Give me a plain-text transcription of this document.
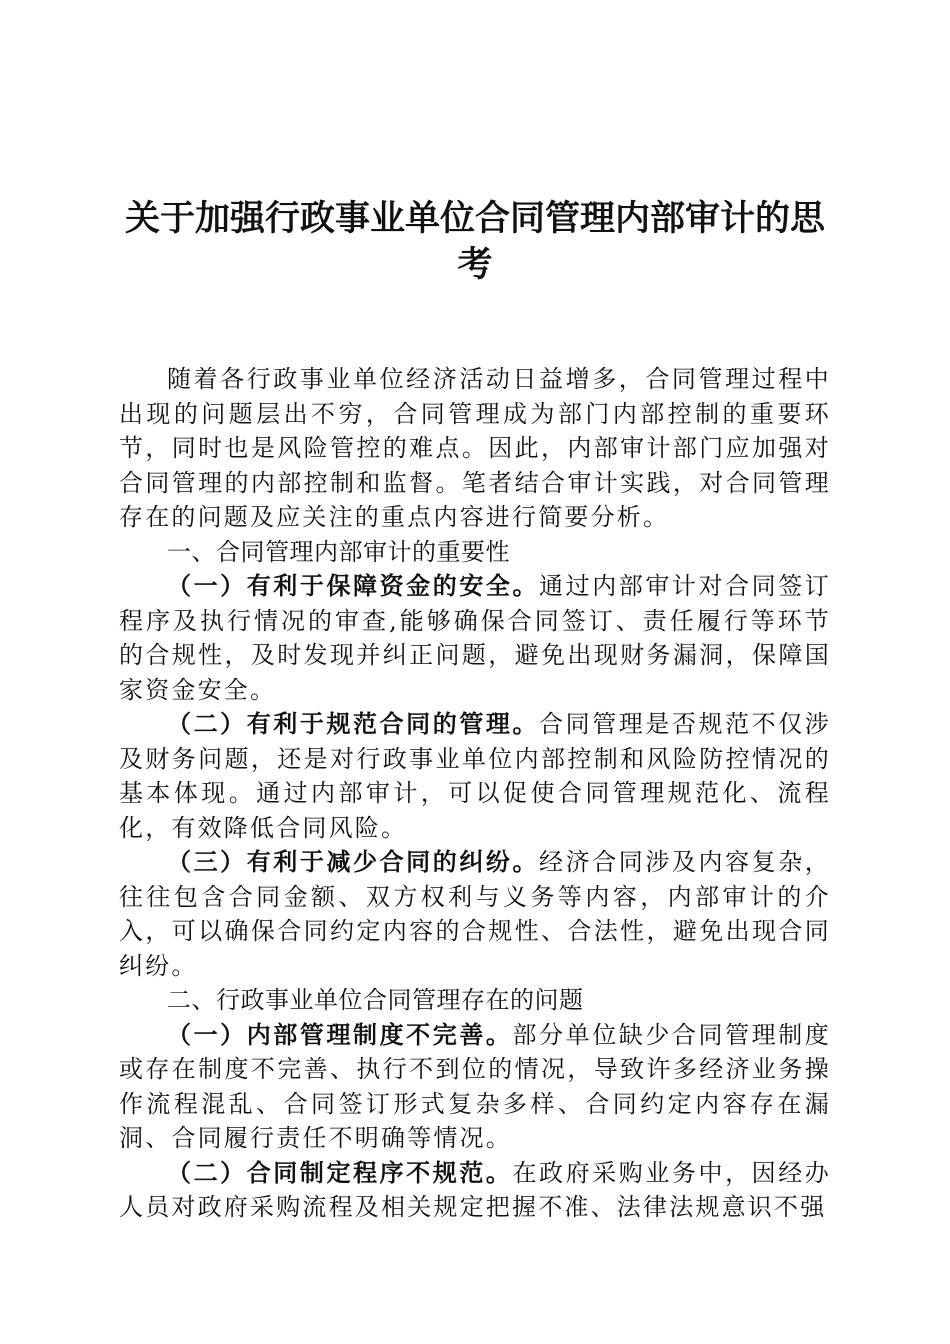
关于加强行政事业单位合同管理内部审计的思
考

随着各行政事业单位经济活动日益增多，合同管理过程中出现的问题层出不穷，合同管理成为部门内部控制的重要环节，同时也是风险管控的难点。因此，内部审计部门应加强对合同管理的内部控制和监督。笔者结合审计实践，对合同管理存在的问题及应关注的重点内容进行简要分析。

一、合同管理内部审计的重要性

（一）有利于保障资金的安全。通过内部审计对合同签订程序及执行情况的审查,能够确保合同签订、责任履行等环节的合规性，及时发现并纠正问题，避免出现财务漏洞，保障国家资金安全。

（二）有利于规范合同的管理。合同管理是否规范不仅涉及财务问题，还是对行政事业单位内部控制和风险防控情况的基本体现。通过内部审计，可以促使合同管理规范化、流程化，有效降低合同风险。

（三）有利于减少合同的纠纷。经济合同涉及内容复杂，往往包含合同金额、双方权利与义务等内容，内部审计的介入，可以确保合同约定内容的合规性、合法性，避免出现合同纠纷。

二、行政事业单位合同管理存在的问题

（一）内部管理制度不完善。部分单位缺少合同管理制度或存在制度不完善、执行不到位的情况，导致许多经济业务操作流程混乱、合同签订形式复杂多样、合同约定内容存在漏洞、合同履行责任不明确等情况。

（二）合同制定程序不规范。在政府采购业务中，因经办人员对政府采购流程及相关规定把握不准、法律法规意识不强
